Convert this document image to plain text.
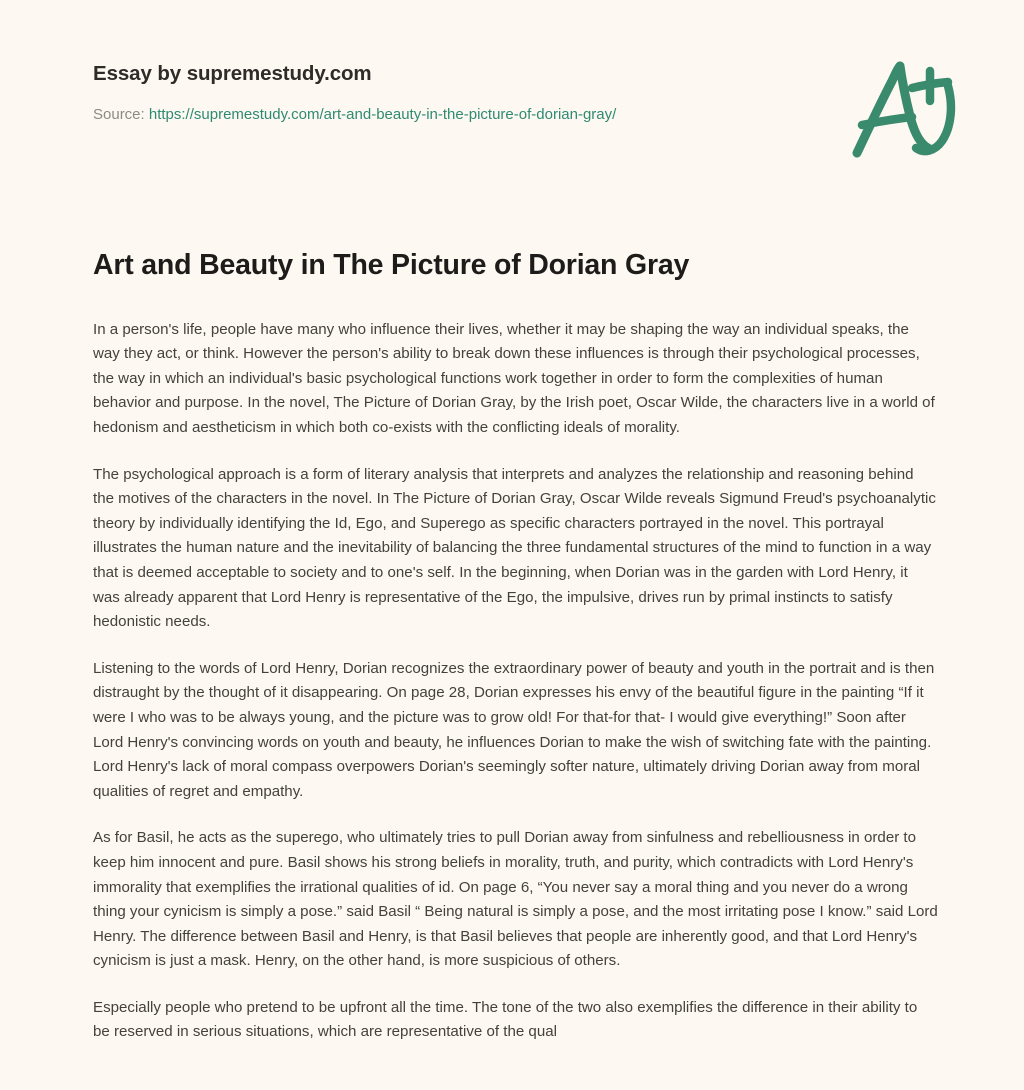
Essay by supremestudy.com
Source: https://supremestudy.com/art-and-beauty-in-the-picture-of-dorian-gray/
Art and Beauty in The Picture of Dorian Gray

In a person's life, people have many who influence their lives, whether it may be shaping the way an individual speaks, the way they act, or think. However the person's ability to break down these influences is through their psychological processes, the way in which an individual's basic psychological functions work together in order to form the complexities of human behavior and purpose. In the novel, The Picture of Dorian Gray, by the Irish poet, Oscar Wilde, the characters live in a world of hedonism and aestheticism in which both co-exists with the conflicting ideals of morality.

The psychological approach is a form of literary analysis that interprets and analyzes the relationship and reasoning behind the motives of the characters in the novel. In The Picture of Dorian Gray, Oscar Wilde reveals Sigmund Freud's psychoanalytic theory by individually identifying the Id, Ego, and Superego as specific characters portrayed in the novel. This portrayal illustrates the human nature and the inevitability of balancing the three fundamental structures of the mind to function in a way that is deemed acceptable to society and to one's self. In the beginning, when Dorian was in the garden with Lord Henry, it was already apparent that Lord Henry is representative of the Ego, the impulsive, drives run by primal instincts to satisfy hedonistic needs.

Listening to the words of Lord Henry, Dorian recognizes the extraordinary power of beauty and youth in the portrait and is then distraught by the thought of it disappearing. On page 28, Dorian expresses his envy of the beautiful figure in the painting “If it were I who was to be always young, and the picture was to grow old! For that-for that- I would give everything!” Soon after Lord Henry's convincing words on youth and beauty, he influences Dorian to make the wish of switching fate with the painting. Lord Henry's lack of moral compass overpowers Dorian's seemingly softer nature, ultimately driving Dorian away from moral qualities of regret and empathy.

As for Basil, he acts as the superego, who ultimately tries to pull Dorian away from sinfulness and rebelliousness in order to keep him innocent and pure. Basil shows his strong beliefs in morality, truth, and purity, which contradicts with Lord Henry's immorality that exemplifies the irrational qualities of id. On page 6, “You never say a moral thing and you never do a wrong thing your cynicism is simply a pose.” said Basil “ Being natural is simply a pose, and the most irritating pose I know.” said Lord Henry. The difference between Basil and Henry, is that Basil believes that people are inherently good, and that Lord Henry's cynicism is just a mask. Henry, on the other hand, is more suspicious of others.

Especially people who pretend to be upfront all the time. The tone of the two also exemplifies the difference in their ability to be reserved in serious situations, which are representative of the qual
